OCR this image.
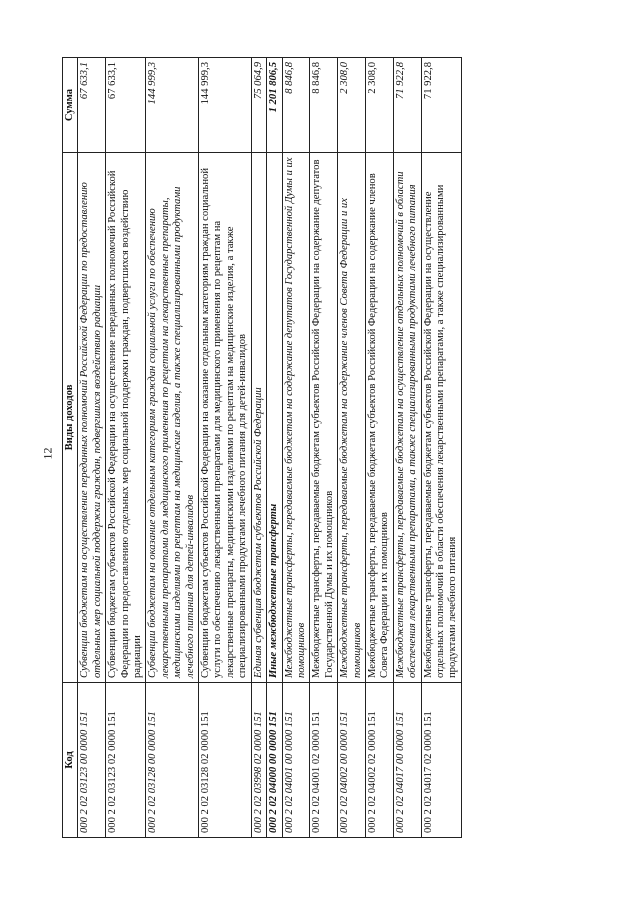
12
Код	Виды доходов	Сумма
000 2 02 03123 00 0000 151	Субвенции бюджетам на осуществление переданных полномочий Российской Федерации по предоставлению отдельных мер социальной поддержки граждан, подвергшихся воздействию радиации	67 633,1
000 2 02 03123 02 0000 151	Субвенции бюджетам субъектов Российской Федерации на осуществление переданных полномочий Российской Федерации по предоставлению отдельных мер социальной поддержки граждан, подвергшихся воздействию радиации	67 633,1
000 2 02 03128 00 0000 151	Субвенции бюджетам на оказание отдельным категориям граждан социальной услуги по обеспечению лекарственными препаратами для медицинского применения по рецептам на лекарственные препараты, медицинскими изделиями по рецептам на медицинские изделия, а также специализированными продуктами лечебного питания для детей-инвалидов	144 999,3
000 2 02 03128 02 0000 151	Субвенции бюджетам субъектов Российской Федерации на оказание отдельным категориям граждан социальной услуги по обеспечению лекарственными препаратами для медицинского применения по рецептам на лекарственные препараты, медицинскими изделиями по рецептам на медицинские изделия, а также специализированными продуктами лечебного питания для детей-инвалидов	144 999,3
000 2 02 03998 02 0000 151	Единая субвенция бюджетам субъектов Российской Федерации	75 064,9
000 2 02 04000 00 0000 151	Иные межбюджетные трансферты	1 201 806,5
000 2 02 04001 00 0000 151	Межбюджетные трансферты, передаваемые бюджетам на содержание депутатов Государственной Думы и их помощников	8 846,8
000 2 02 04001 02 0000 151	Межбюджетные трансферты, передаваемые бюджетам субъектов Российской Федерации на содержание депутатов Государственной Думы и их помощников	8 846,8
000 2 02 04002 00 0000 151	Межбюджетные трансферты, передаваемые бюджетам на содержание членов Совета Федерации и их помощников	2 308,0
000 2 02 04002 02 0000 151	Межбюджетные трансферты, передаваемые бюджетам субъектов Российской Федерации на содержание членов Совета Федерации и их помощников	2 308,0
000 2 02 04017 00 0000 151	Межбюджетные трансферты, передаваемые бюджетам на осуществление отдельных полномочий в области обеспечения лекарственными препаратами, а также специализированными продуктами лечебного питания	71 922,8
000 2 02 04017 02 0000 151	Межбюджетные трансферты, передаваемые бюджетам субъектов Российской Федерации на осуществление отдельных полномочий в области обеспечения лекарственными препаратами, а также специализированными продуктами лечебного питания	71 922,8
